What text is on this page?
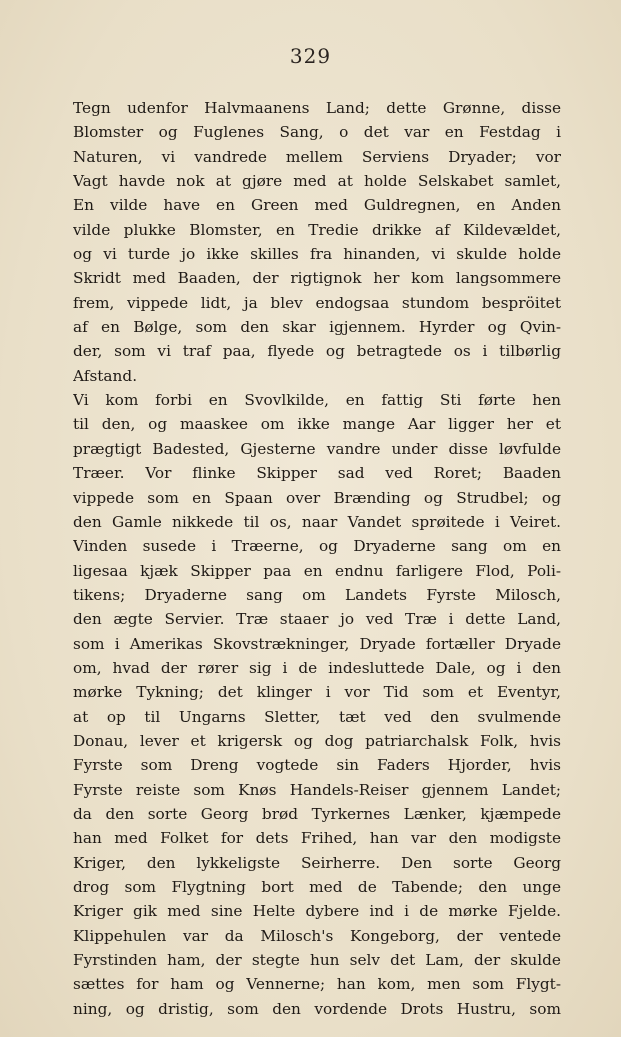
329
Tegn udenfor Halvmaanens Land; dette Grønne, disse
Blomster og Fuglenes Sang, o det var en Festdag i
Naturen, vi vandrede mellem Serviens Dryader; vor
Vagt havde nok at gjøre med at holde Selskabet samlet,
En vilde have en Green med Guldregnen, en Anden
vilde plukke Blomster, en Tredie drikke af Kildevældet,
og vi turde jo ikke skilles fra hinanden, vi skulde holde
Skridt med Baaden, der rigtignok her kom langsommere
frem, vippede lidt, ja blev endogsaa stundom bespröitet
af en Bølge, som den skar igjennem. Hyrder og Qvin-
der, som vi traf paa, flyede og betragtede os i tilbørlig
Afstand.
Vi kom forbi en Svovlkilde, en fattig Sti førte hen
til den, og maaskee om ikke mange Aar ligger her et
prægtigt Badested, Gjesterne vandre under disse løvfulde
Træer. Vor flinke Skipper sad ved Roret; Baaden
vippede som en Spaan over Brænding og Strudbel; og
den Gamle nikkede til os, naar Vandet sprøitede i Veiret.
Vinden susede i Træerne, og Dryaderne sang om en
ligesaa kjæk Skipper paa en endnu farligere Flod, Poli-
tikens; Dryaderne sang om Landets Fyrste Milosch,
den ægte Servier. Træ staaer jo ved Træ i dette Land,
som i Amerikas Skovstrækninger, Dryade fortæller Dryade
om, hvad der rører sig i de indesluttede Dale, og i den
mørke Tykning; det klinger i vor Tid som et Eventyr,
at op til Ungarns Sletter, tæt ved den svulmende
Donau, lever et krigersk og dog patriarchalsk Folk, hvis
Fyrste som Dreng vogtede sin Faders Hjorder, hvis
Fyrste reiste som Knøs Handels-Reiser gjennem Landet;
da den sorte Georg brød Tyrkernes Lænker, kjæmpede
han med Folket for dets Frihed, han var den modigste
Kriger, den lykkeligste Seirherre. Den sorte Georg
drog som Flygtning bort med de Tabende; den unge
Kriger gik med sine Helte dybere ind i de mørke Fjelde.
Klippehulen var da Milosch's Kongeborg, der ventede
Fyrstinden ham, der stegte hun selv det Lam, der skulde
sættes for ham og Vennerne; han kom, men som Flygt-
ning, og dristig, som den vordende Drots Hustru, som
